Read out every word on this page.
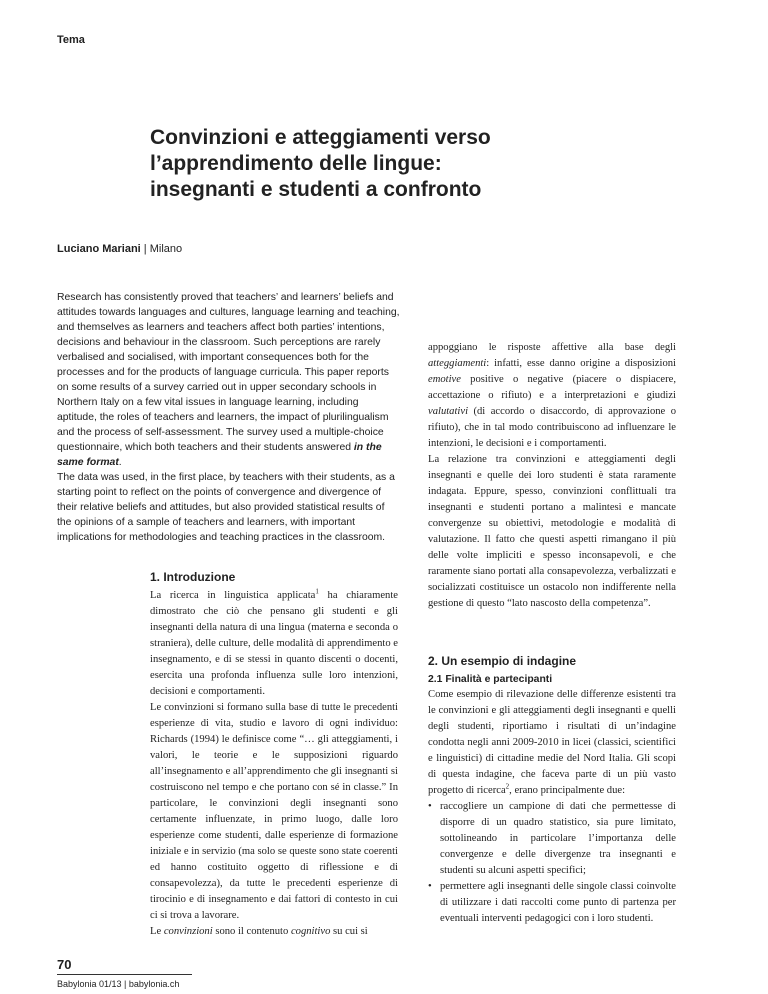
Tema
Convinzioni e atteggiamenti verso
l’apprendimento delle lingue:
insegnanti e studenti a confronto
Luciano Mariani | Milano

Research has consistently proved that teachers’ and learners’ beliefs and attitudes towards languages and cultures, language learning and teaching, and themselves as learners and teachers affect both parties’ intentions, decisions and behaviour in the classroom. Such perceptions are rarely verbalised and socialised, with important consequences both for the processes and for the products of language curricula. This paper reports on some results of a survey carried out in upper secondary schools in Northern Italy on a few vital issues in language learning, including aptitude, the roles of teachers and learners, the impact of plurilingualism and the process of self-assessment. The survey used a multiple-choice questionnaire, which both teachers and their students answered in the same format.

The data was used, in the first place, by teachers with their students, as a starting point to reflect on the points of convergence and divergence of their relative beliefs and attitudes, but also provided statistical results of the opinions of a sample of teachers and learners, with important implications for methodologies and teaching practices in the classroom.

1. Introduzione

La ricerca in linguistica applicata$^1$ ha chiaramente dimostrato che ciò che pensano gli studenti e gli insegnanti della natura di una lingua (materna e seconda o straniera), delle culture, delle modalità di apprendimento e insegnamento, e di se stessi in quanto discenti o docenti, esercita una profonda influenza sulle loro intenzioni, decisioni e comportamenti.

Le convinzioni si formano sulla base di tutte le precedenti esperienze di vita, studio e lavoro di ogni individuo: Richards (1994) le definisce come “… gli atteggiamenti, i valori, le teorie e le supposizioni riguardo all’insegnamento e all’apprendimento che gli insegnanti si costruiscono nel tempo e che portano con sé in classe.” In particolare, le convinzioni degli insegnanti sono certamente influenzate, in primo luogo, dalle loro esperienze come studenti, dalle esperienze di formazione iniziale e in servizio (ma solo se queste sono state coerenti ed hanno costituito oggetto di riflessione e di consapevolezza), da tutte le precedenti esperienze di tirocinio e di insegnamento e dai fattori di contesto in cui ci si trova a lavorare.

Le convinzioni sono il contenuto cognitivo su cui si

appoggiano le risposte affettive alla base degli atteggiamenti: infatti, esse danno origine a disposizioni emotive positive o negative (piacere o dispiacere, accettazione o rifiuto) e a interpretazioni e giudizi valutativi (di accordo o disaccordo, di approvazione o rifiuto), che in tal modo contribuiscono ad influenzare le intenzioni, le decisioni e i comportamenti.

La relazione tra convinzioni e atteggiamenti degli insegnanti e quelle dei loro studenti è stata raramente indagata. Eppure, spesso, convinzioni conflittuali tra insegnanti e studenti portano a malintesi e mancate convergenze su obiettivi, metodologie e modalità di valutazione. Il fatto che questi aspetti rimangano il più delle volte impliciti e spesso inconsapevoli, e che raramente siano portati alla consapevolezza, verbalizzati e socializzati costituisce un ostacolo non indifferente nella gestione di questo “lato nascosto della competenza”.

2. Un esempio di indagine
2.1 Finalità e partecipanti

Come esempio di rilevazione delle differenze esistenti tra le convinzioni e gli atteggiamenti degli insegnanti e quelli degli studenti, riportiamo i risultati di un’indagine condotta negli anni 2009-2010 in licei (classici, scientifici e linguistici) di cittadine medie del Nord Italia. Gli scopi di questa indagine, che faceva parte di un più vasto progetto di ricerca$^2$, erano principalmente due:

• raccogliere un campione di dati che permettesse di disporre di un quadro statistico, sia pure limitato, sottolineando in particolare l’importanza delle convergenze e delle divergenze tra insegnanti e studenti su alcuni aspetti specifici;
• permettere agli insegnanti delle singole classi coinvolte di utilizzare i dati raccolti come punto di partenza per eventuali interventi pedagogici con i loro studenti.
70
Babylonia 01/13 | babylonia.ch
